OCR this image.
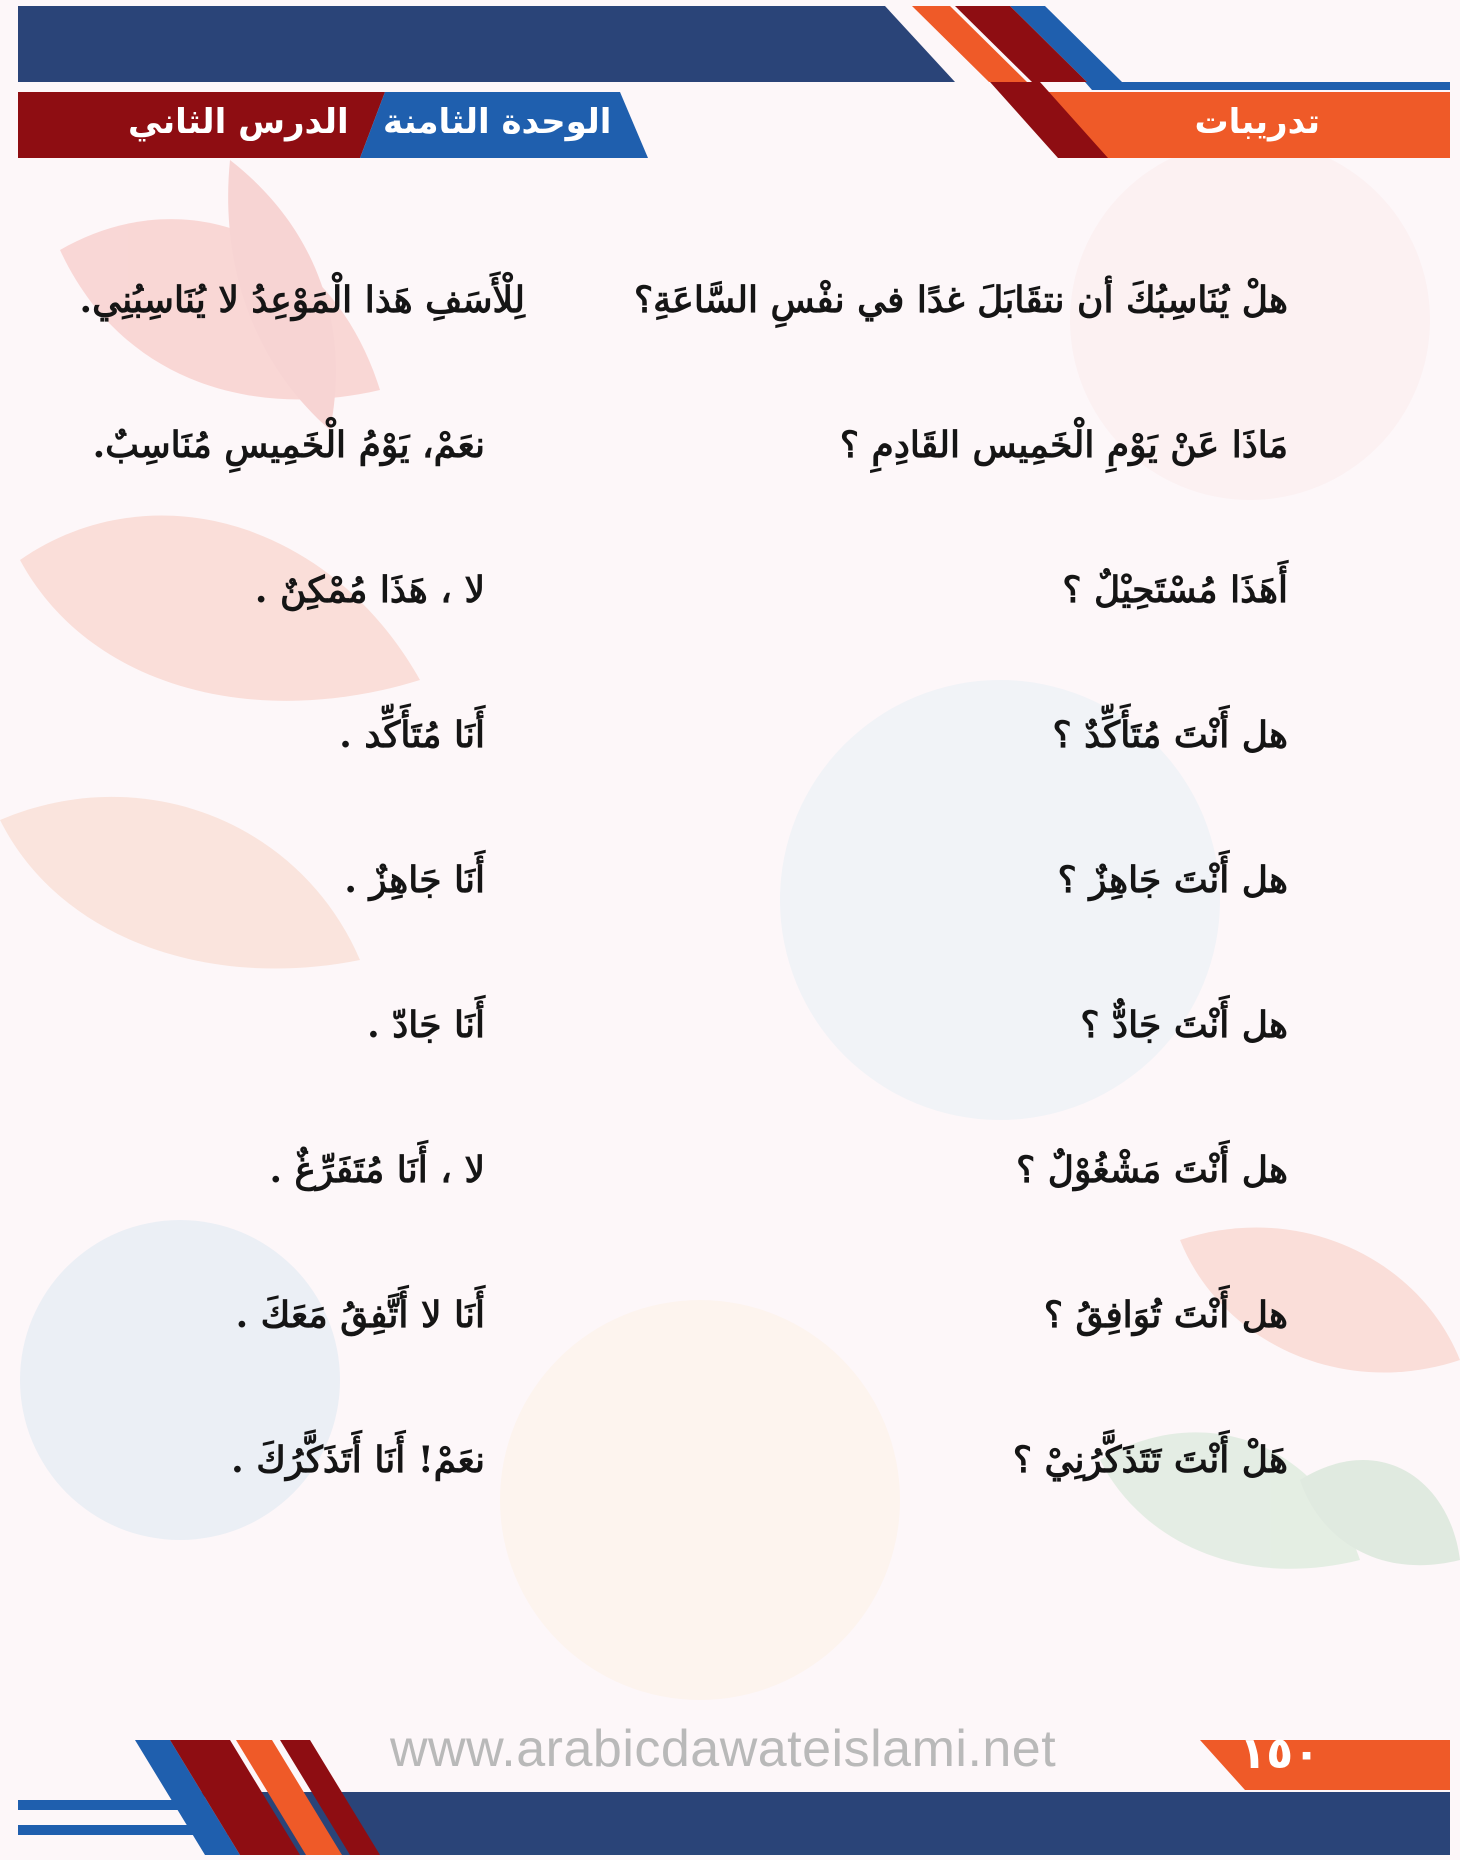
تدريبات
الوحدة الثامنة
الدرس الثاني
هلْ يُنَاسِبُكَ أن نتقَابَلَ غدًا في نفْسِ السَّاعَةِ؟
لِلْأَسَفِ هَذا الْمَوْعِدُ لا يُنَاسِبُنِي.
مَاذَا عَنْ يَوْمِ الْخَمِيس القَادِمِ ؟
نعَمْ، يَوْمُ الْخَمِيسِ مُنَاسِبٌ.
أَهَذَا مُسْتَحِيْلٌ ؟
لا ، هَذَا مُمْكِنٌ .
هل أَنْتَ مُتَأَكِّدٌ ؟
أَنَا مُتَأَكِّد .
هل أَنْتَ جَاهِزٌ ؟
أَنَا جَاهِزٌ .
هل أَنْتَ جَادٌّ ؟
أَنَا جَادّ .
هل أَنْتَ مَشْغُوْلٌ ؟
لا ، أَنَا مُتَفَرِّغٌ .
هل أَنْتَ تُوَافِقُ ؟
أَنَا لا أَتَّفِقُ مَعَكَ .
هَلْ أَنْتَ تَتَذَكَّرُنِيْ ؟
نعَمْ! أَنَا أَتَذَكَّرُكَ .
www.arabicdawateislami.net	١٥٠
